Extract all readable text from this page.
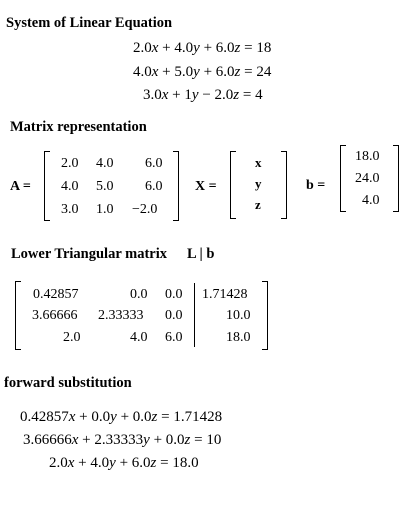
System of Linear Equation
2.0x + 4.0y + 6.0z = 18
4.0x + 5.0y + 6.0z = 24
3.0x + 1y − 2.0z = 4
Matrix representation
A =
2.0 4.0 6.0
4.0 5.0 6.0
3.0 1.0 −2.0
X =
x
y
z
b =
18.0
24.0
4.0
Lower Triangular matrix L | b
0.42857	0.0 0.0 1.71428
3.66666 2.33333 0.0	10.0
2.0	4.0 6.0	18.0
forward substitution
0.42857x + 0.0y + 0.0z = 1.71428
3.66666x + 2.33333y + 0.0z = 10
2.0x + 4.0y + 6.0z = 18.0
